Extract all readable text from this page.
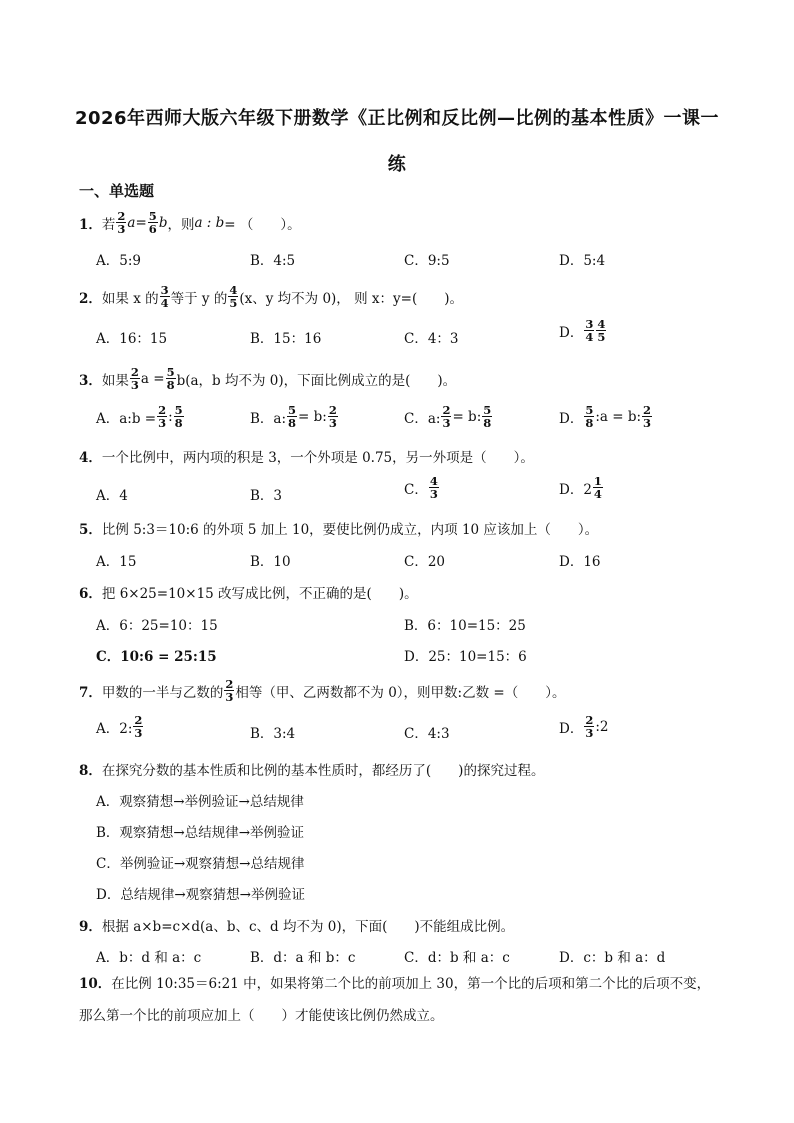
2026年西师大版六年级下册数学《正比例和反比例—比例的基本性质》一课一
练
一、单选题
1． 若 $\frac{2}{3}$ $a = \frac{5}{6}$ b ，则 a : b = （　　）。
A．5:9	B．4:5	C．9:5	D．5:4
2． 如果 x 的 $\frac{3}{4}$ 等于 y 的 $\frac{4}{5} (x$、y 均不为 0)， 则 x：y=(　　)。
A．16：15	B．15：16	C．4：3	D． $\frac{3}{4} \frac{4}{5}$
3． 如果 $\frac{2}{3}$ $a = \frac{5}{8} b(a$，b 均不为 0)，下面比例成立的是(　　)。
A．a:b = $\frac{2}{3}$ : $\frac{5}{8}$	B．a: $\frac{5}{8} = b$: $\frac{2}{3}$	C．a: $\frac{2}{3} = b$: $\frac{5}{8}$	D． $\frac{5}{8}$ :a = b: $\frac{2}{3}$
4． 一个比例中，两内项的积是 3，一个外项是 0.75，另一外项是（　　）。
A．4	B．3	C． $\frac{4}{3}$	D．$2 \frac{1}{4}$
5． 比例 5:3＝10:6 的外项 5 加上 10，要使比例仍成立，内项 10 应该加上（　　）。
A．15	B．10	C．20	D．16
6． 把 6×25=10×15 改写成比例，不正确的是(　　)。
A．6：25=10：15	B．6：10=15：25
C．10:6 = 25:15	D．25：10=15：6
7． 甲数的一半与乙数的 $\frac{2}{3}$ 相等（甲、乙两数都不为 0），则甲数:乙数 =（　　）。
A．2: $\frac{2}{3}$	B．3:4	C．4:3	D． $\frac{2}{3}$ :2
8． 在探究分数的基本性质和比例的基本性质时，都经历了(　　)的探究过程。
A．观察猜想→举例验证→总结规律
B．观察猜想→总结规律→举例验证
C．举例验证→观察猜想→总结规律
D．总结规律→观察猜想→举例验证
9． 根据 a×b=c×d(a、b、c、d 均不为 0)，下面(　　)不能组成比例。
A．b：d 和 a：c	B．d：a 和 b：c	C．d：b 和 a：c	D．c：b 和 a：d
10．在比例 10:35＝6:21 中，如果将第二个比的前项加上 30，第一个比的后项和第二个比的后项不变，那么第一个比的前项应加上（　　）才能使该比例仍然成立。
